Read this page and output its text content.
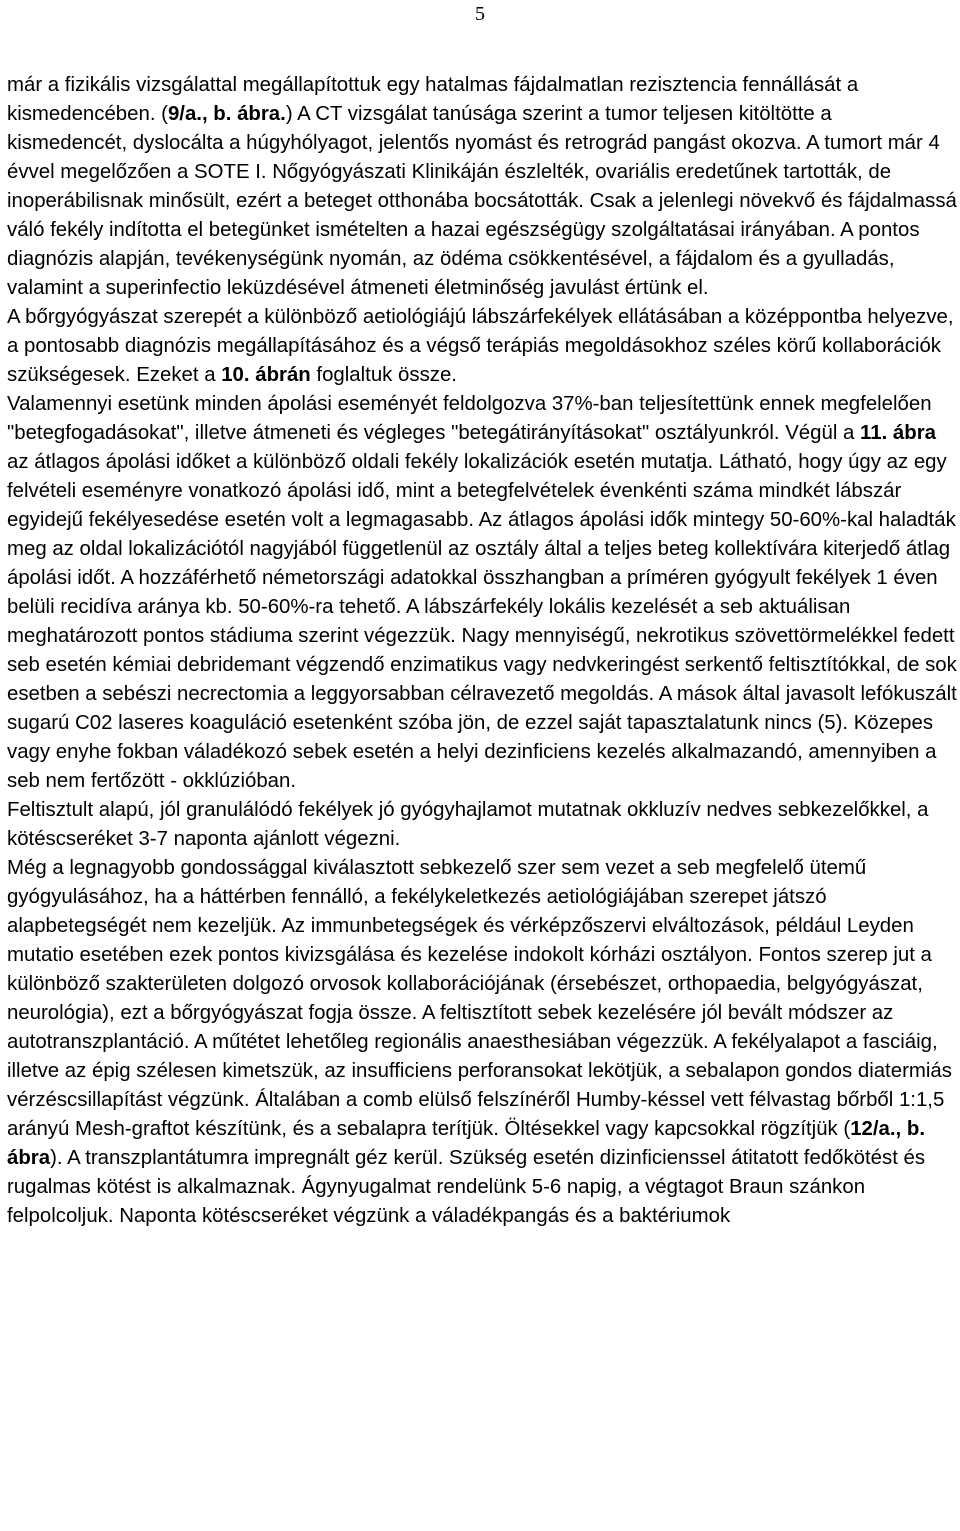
5

már a fizikális vizsgálattal megállapítottuk egy hatalmas fájdalmatlan rezisztencia fennállását a kismedencében. (9/a., b. ábra.) A CT vizsgálat tanúsága szerint a tumor teljesen kitöltötte a kismedencét, dyslocálta a húgyhólyagot, jelentős nyomást és retrográd pangást okozva. A tumort már 4 évvel megelőzően a SOTE I. Nőgyógyászati Klinikáján észlelték, ovariális eredetűnek tartották, de inoperábilisnak minősült, ezért a beteget otthonába bocsátották. Csak a jelenlegi növekvő és fájdalmassá váló fekély indította el betegünket ismételten a hazai egészségügy szolgáltatásai irányában. A pontos diagnózis alapján, tevékenységünk nyomán, az ödéma csökkentésével, a fájdalom és a gyulladás, valamint a superinfectio leküzdésével átmeneti életminőség javulást értünk el.

A bőrgyógyászat szerepét a különböző aetiológiájú lábszárfekélyek ellátásában a középpontba helyezve, a pontosabb diagnózis megállapításához és a végső terápiás megoldásokhoz széles körű kollaborációk szükségesek. Ezeket a 10. ábrán foglaltuk össze.

Valamennyi esetünk minden ápolási eseményét feldolgozva 37%-ban teljesítettünk ennek megfelelően "betegfogadásokat", illetve átmeneti és végleges "betegátirányításokat" osztályunkról. Végül a 11. ábra az átlagos ápolási időket a különböző oldali fekély lokalizációk esetén mutatja. Látható, hogy úgy az egy felvételi eseményre vonatkozó ápolási idő, mint a betegfelvételek évenkénti száma mindkét lábszár egyidejű fekélyesedése esetén volt a legmagasabb. Az átlagos ápolási idők mintegy 50-60%-kal haladták meg az oldal lokalizációtól nagyjából függetlenül az osztály által a teljes beteg kollektívára kiterjedő átlag ápolási időt. A hozzáférhető németországi adatokkal összhangban a príméren gyógyult fekélyek 1 éven belüli recidíva aránya kb. 50-60%-ra tehető. A lábszárfekély lokális kezelését a seb aktuálisan meghatározott pontos stádiuma szerint végezzük. Nagy mennyiségű, nekrotikus szövettörmelékkel fedett seb esetén kémiai debridemant végzendő enzimatikus vagy nedvkeringést serkentő feltisztítókkal, de sok esetben a sebészi necrectomia a leggyorsabban célravezető megoldás. A mások által javasolt lefókuszált sugarú C02 laseres koaguláció esetenként szóba jön, de ezzel saját tapasztalatunk nincs (5). Közepes vagy enyhe fokban váladékozó sebek esetén a helyi dezinficiens kezelés alkalmazandó, amennyiben a seb nem fertőzött - okklúzióban.

Feltisztult alapú, jól granulálódó fekélyek jó gyógyhajlamot mutatnak okkluzív nedves sebkezelőkkel, a kötéscseréket 3-7 naponta ajánlott végezni.

Még a legnagyobb gondossággal kiválasztott sebkezelő szer sem vezet a seb megfelelő ütemű gyógyulásához, ha a háttérben fennálló, a fekélykeletkezés aetiológiájában szerepet játszó alapbetegségét nem kezeljük. Az immunbetegségek és vérképzőszervi elváltozások, például Leyden mutatio esetében ezek pontos kivizsgálása és kezelése indokolt kórházi osztályon. Fontos szerep jut a különböző szakterületen dolgozó orvosok kollaborációjának (érsebészet, orthopaedia, belgyógyászat, neurológia), ezt a bőrgyógyászat fogja össze. A feltisztított sebek kezelésére jól bevált módszer az autotranszplantáció. A műtétet lehetőleg regionális anaesthesiában végezzük. A fekélyalapot a fasciáig, illetve az épig szélesen kimetszük, az insufficiens perforansokat lekötjük, a sebalapon gondos diatermiás vérzéscsillapítást végzünk. Általában a comb elülső felszínéről Humby-késsel vett félvastag bőrből 1:1,5 arányú Mesh-graftot készítünk, és a sebalapra terítjük. Öltésekkel vagy kapcsokkal rögzítjük (12/a., b. ábra). A transzplantátumra impregnált géz kerül. Szükség esetén dizinficienssel átitatott fedőkötést és rugalmas kötést is alkalmaznak. Ágynyugalmat rendelünk 5-6 napig, a végtagot Braun szánkon felpolcoljuk. Naponta kötéscseréket végzünk a váladékpangás és a baktériumok
